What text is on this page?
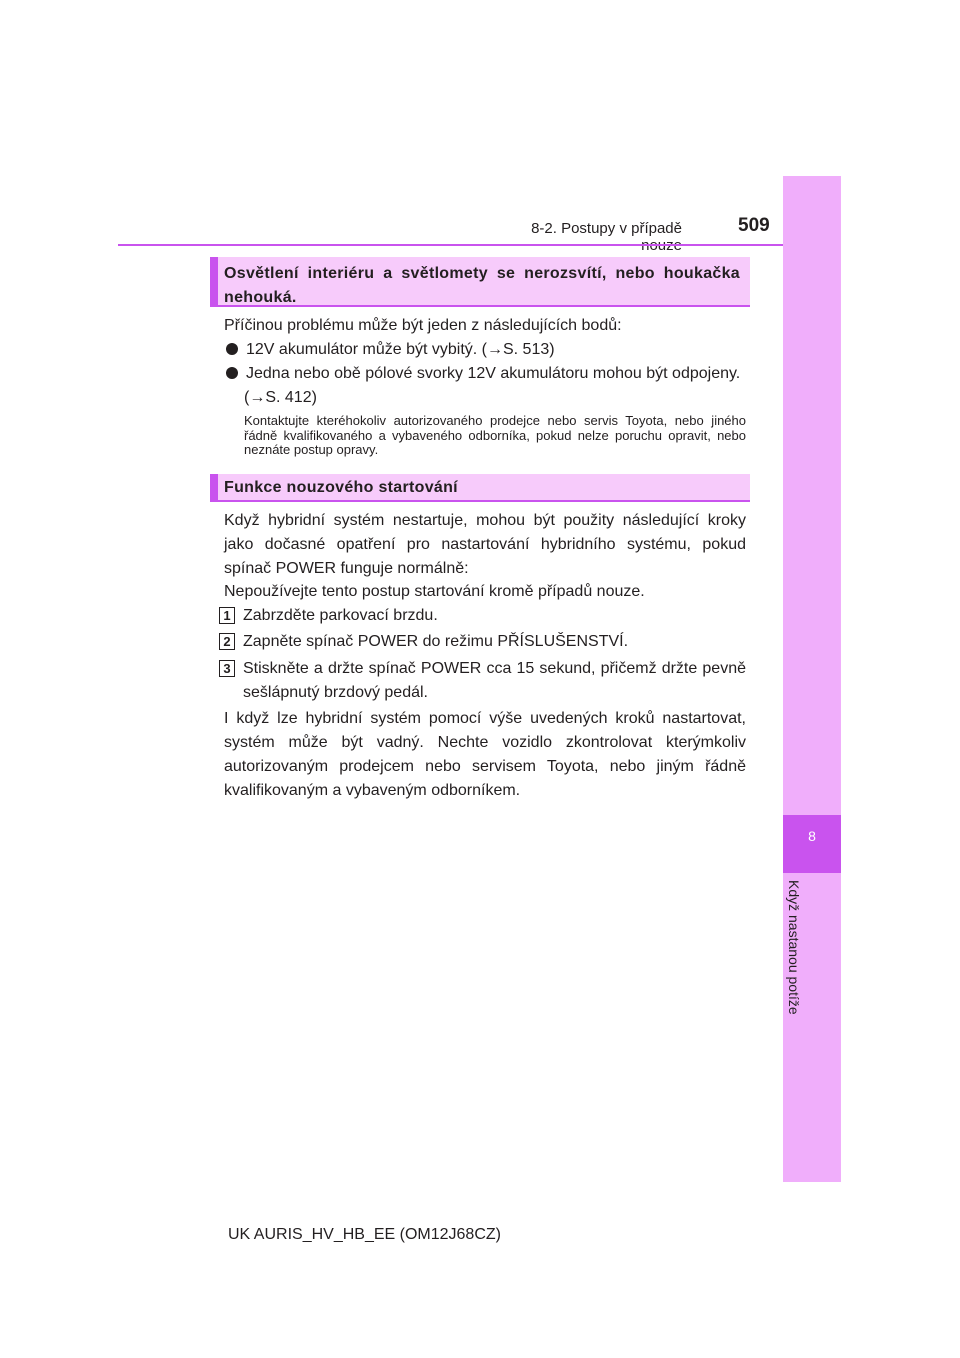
8
Když nastanou potíže
8-2. Postupy v případě	509
Osvětlení interiéru a světlomety se nerozsvítí, nebo houkačka nehouká.
Příčinou problému může být jeden z následujících bodů:
12V akumulátor může být vybitý. (→S. 513)
Jedna nebo obě pólové svorky 12V akumulátoru mohou být odpojeny.
(→S. 412)
Kontaktujte kteréhokoliv autorizovaného prodejce nebo servis Toyota, nebo jiného řádně kvalifikovaného a vybaveného odborníka, pokud nelze poruchu opravit, nebo neznáte postup opravy.
Funkce nouzového startování
Když hybridní systém nestartuje, mohou být použity následující kroky jako dočasné opatření pro nastartování hybridního systému, pokud spínač POWER funguje normálně:
Nepoužívejte tento postup startování kromě případů nouze.
1 Zabrzděte parkovací brzdu.
2 Zapněte spínač POWER do režimu PŘÍSLUŠENSTVÍ.
3 Stiskněte a držte spínač POWER cca 15 sekund, přičemž držte pevně sešlápnutý brzdový pedál.
I když lze hybridní systém pomocí výše uvedených kroků nastartovat, systém může být vadný. Nechte vozidlo zkontrolovat kterýmkoliv autorizovaným prodejcem nebo servisem Toyota, nebo jiným řádně kvalifikovaným a vybaveným odborníkem.
UK AURIS_HV_HB_EE (OM12J68CZ)
